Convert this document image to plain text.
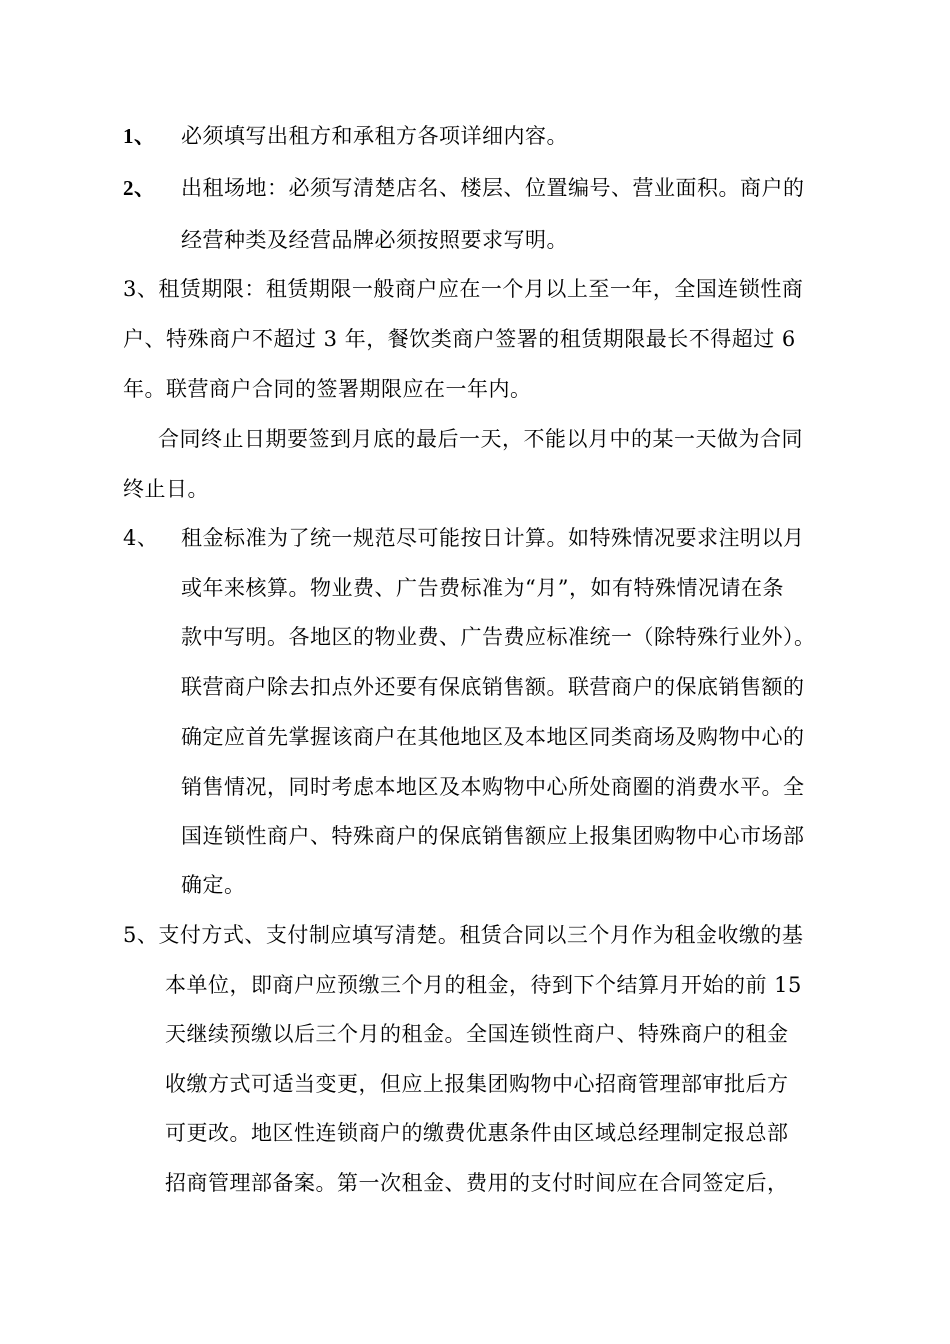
1、 必须填写出租方和承租方各项详细内容。
2、 出租场地：必须写清楚店名、楼层、位置编号、营业面积。商户的
经营种类及经营品牌必须按照要求写明。
3、租赁期限：租赁期限一般商户应在一个月以上至一年，全国连锁性商
户、特殊商户不超过 3 年，餐饮类商户签署的租赁期限最长不得超过 6
年。联营商户合同的签署期限应在一年内。
合同终止日期要签到月底的最后一天，不能以月中的某一天做为合同
终止日。
4、 租金标准为了统一规范尽可能按日计算。如特殊情况要求注明以月
或年来核算。物业费、广告费标准为“月”，如有特殊情况请在条
款中写明。各地区的物业费、广告费应标准统一（除特殊行业外）。
联营商户除去扣点外还要有保底销售额。联营商户的保底销售额的
确定应首先掌握该商户在其他地区及本地区同类商场及购物中心的
销售情况，同时考虑本地区及本购物中心所处商圈的消费水平。全
国连锁性商户、特殊商户的保底销售额应上报集团购物中心市场部
确定。
5、支付方式、支付制应填写清楚。租赁合同以三个月作为租金收缴的基
本单位，即商户应预缴三个月的租金，待到下个结算月开始的前 15
天继续预缴以后三个月的租金。全国连锁性商户、特殊商户的租金
收缴方式可适当变更，但应上报集团购物中心招商管理部审批后方
可更改。地区性连锁商户的缴费优惠条件由区域总经理制定报总部
招商管理部备案。第一次租金、费用的支付时间应在合同签定后，
